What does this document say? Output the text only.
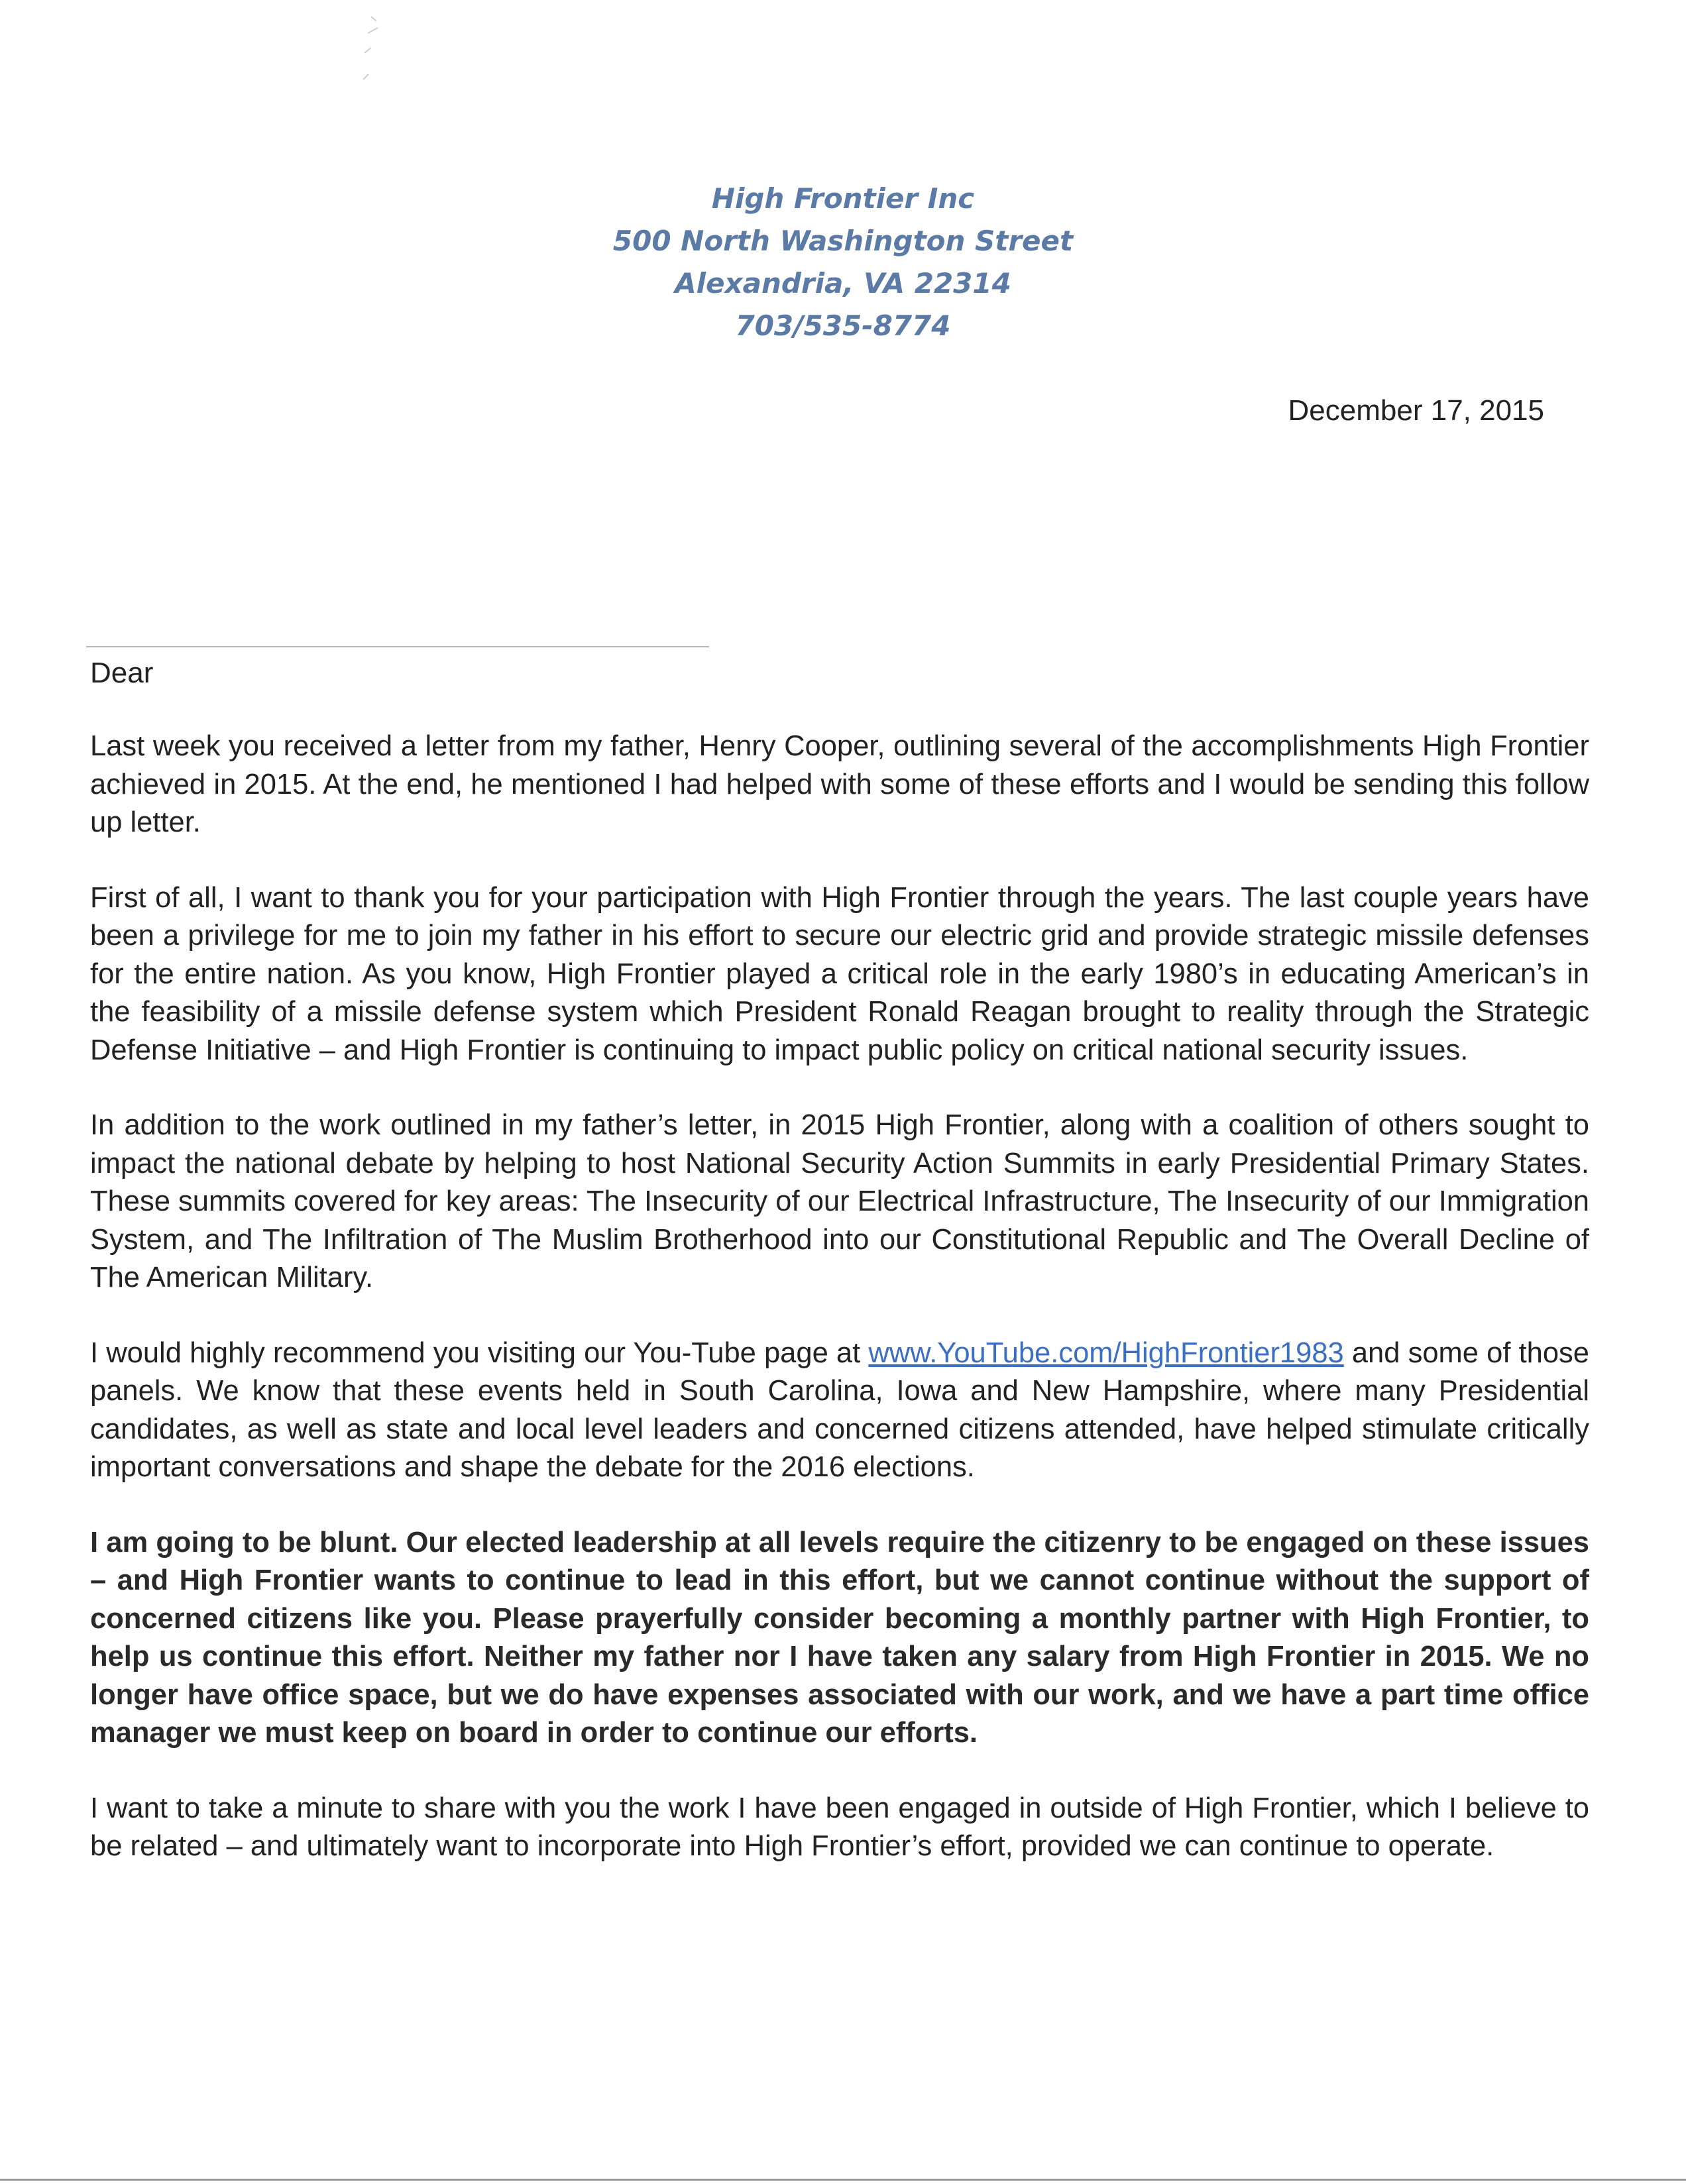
High Frontier Inc
500 North Washington Street
Alexandria, VA 22314
703/535-8774
December 17, 2015
Dear

Last week you received a letter from my father, Henry Cooper, outlining several of the accomplishments High Frontier achieved in 2015. At the end, he mentioned I had helped with some of these efforts and I would be sending this follow up letter.

First of all, I want to thank you for your participation with High Frontier through the years. The last couple years have been a privilege for me to join my father in his effort to secure our electric grid and provide strategic missile defenses for the entire nation. As you know, High Frontier played a critical role in the early 1980’s in educating American’s in the feasibility of a missile defense system which President Ronald Reagan brought to reality through the Strategic Defense Initiative – and High Frontier is continuing to impact public policy on critical national security issues.

In addition to the work outlined in my father’s letter, in 2015 High Frontier, along with a coalition of others sought to impact the national debate by helping to host National Security Action Summits in early Presidential Primary States. These summits covered for key areas: The Insecurity of our Electrical Infrastructure, The Insecurity of our Immigration System, and The Infiltration of The Muslim Brotherhood into our Constitutional Republic and The Overall Decline of The American Military.

I would highly recommend you visiting our You-Tube page at www.YouTube.com/HighFrontier1983 and some of those panels. We know that these events held in South Carolina, Iowa and New Hampshire, where many Presidential candidates, as well as state and local level leaders and concerned citizens attended, have helped stimulate critically important conversations and shape the debate for the 2016 elections.

I am going to be blunt. Our elected leadership at all levels require the citizenry to be engaged on these issues – and High Frontier wants to continue to lead in this effort, but we cannot continue without the support of concerned citizens like you. Please prayerfully consider becoming a monthly partner with High Frontier, to help us continue this effort. Neither my father nor I have taken any salary from High Frontier in 2015. We no longer have office space, but we do have expenses associated with our work, and we have a part time office manager we must keep on board in order to continue our efforts.

I want to take a minute to share with you the work I have been engaged in outside of High Frontier, which I believe to be related – and ultimately want to incorporate into High Frontier’s effort, provided we can continue to operate.
